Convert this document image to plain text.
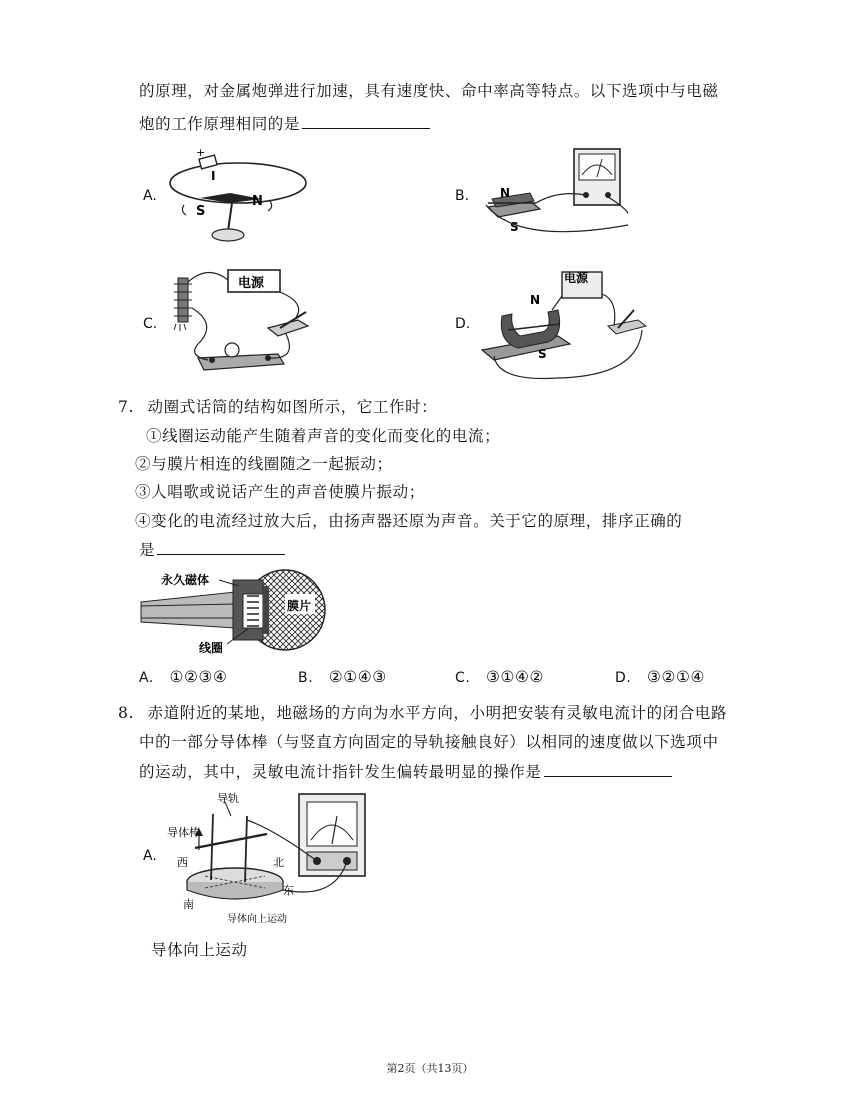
的原理，对金属炮弹进行加速，具有速度快、命中率高等特点。以下选项中与电磁
炮的工作原理相同的是
A.
+
I
S
N	B.	N
S
C.
电源
D.
电源
N
S
7. 动圈式话筒的结构如图所示，它工作时：
①线圈运动能产生随着声音的变化而变化的电流；
②与膜片相连的线圈随之一起振动；
③人唱歌或说话产生的声音使膜片振动；
④变化的电流经过放大后，由扬声器还原为声音。关于它的原理，排序正确的
是
膜片
永久磁体
线圈
A. ①②③④	B. ②①④③	C. ③①④②	D. ③②①④
8. 赤道附近的某地，地磁场的方向为水平方向，小明把安装有灵敏电流计的闭合电路
中的一部分导体棒（与竖直方向固定的导轨接触良好）以相同的速度做以下选项中
的运动，其中，灵敏电流计指针发生偏转最明显的操作是
A.
导轨
导体棒
西	北
东
南
导体向上运动
导体向上运动
第2页（共13页）
